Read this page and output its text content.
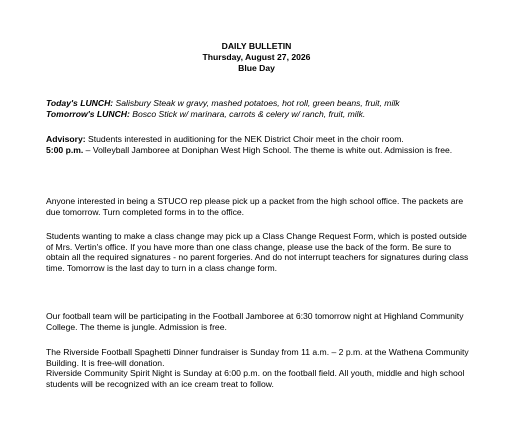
DAILY BULLETIN
Thursday, August 27, 2026
Blue Day

Today's LUNCH: Salisbury Steak w gravy, mashed potatoes, hot roll, green beans, fruit, milk

Tomorrow's LUNCH: Bosco Stick w/ marinara, carrots & celery w/ ranch, fruit, milk.

Advisory: Students interested in auditioning for the NEK District Choir meet in the choir room.

5:00 p.m. – Volleyball Jamboree at Doniphan West High School. The theme is white out. Admission is free.

Anyone interested in being a STUCO rep please pick up a packet from the high school office. The packets are due tomorrow. Turn completed forms in to the office.

Students wanting to make a class change may pick up a Class Change Request Form, which is posted outside of Mrs. Vertin's office. If you have more than one class change, please use the back of the form. Be sure to obtain all the required signatures - no parent forgeries. And do not interrupt teachers for signatures during class time. Tomorrow is the last day to turn in a class change form.

Our football team will be participating in the Football Jamboree at 6:30 tomorrow night at Highland Community College. The theme is jungle. Admission is free.

The Riverside Football Spaghetti Dinner fundraiser is Sunday from 11 a.m. – 2 p.m. at the Wathena Community Building. It is free-will donation.

Riverside Community Spirit Night is Sunday at 6:00 p.m. on the football field. All youth, middle and high school students will be recognized with an ice cream treat to follow.
